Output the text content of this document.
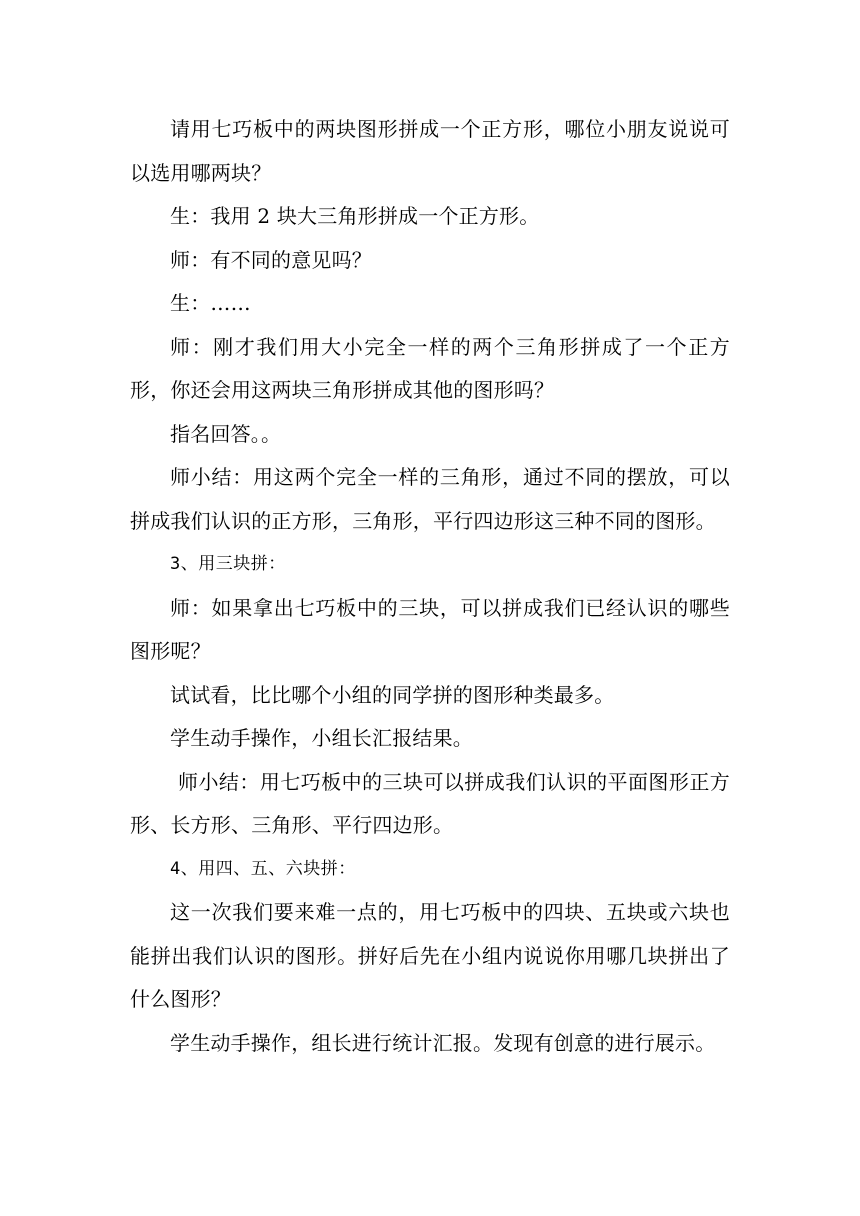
请用七巧板中的两块图形拼成一个正方形，哪位小朋友说说可以选用哪两块？

生：我用 2 块大三角形拼成一个正方形。

师：有不同的意见吗？

生：……

师：刚才我们用大小完全一样的两个三角形拼成了一个正方形，你还会用这两块三角形拼成其他的图形吗？

指名回答。。

师小结：用这两个完全一样的三角形，通过不同的摆放，可以拼成我们认识的正方形，三角形，平行四边形这三种不同的图形。

3、用三块拼：

师：如果拿出七巧板中的三块，可以拼成我们已经认识的哪些图形呢？

试试看，比比哪个小组的同学拼的图形种类最多。

学生动手操作，小组长汇报结果。

师小结：用七巧板中的三块可以拼成我们认识的平面图形正方形、长方形、三角形、平行四边形。

4、用四、五、六块拼：

这一次我们要来难一点的，用七巧板中的四块、五块或六块也能拼出我们认识的图形。拼好后先在小组内说说你用哪几块拼出了什么图形？

学生动手操作，组长进行统计汇报。发现有创意的进行展示。
